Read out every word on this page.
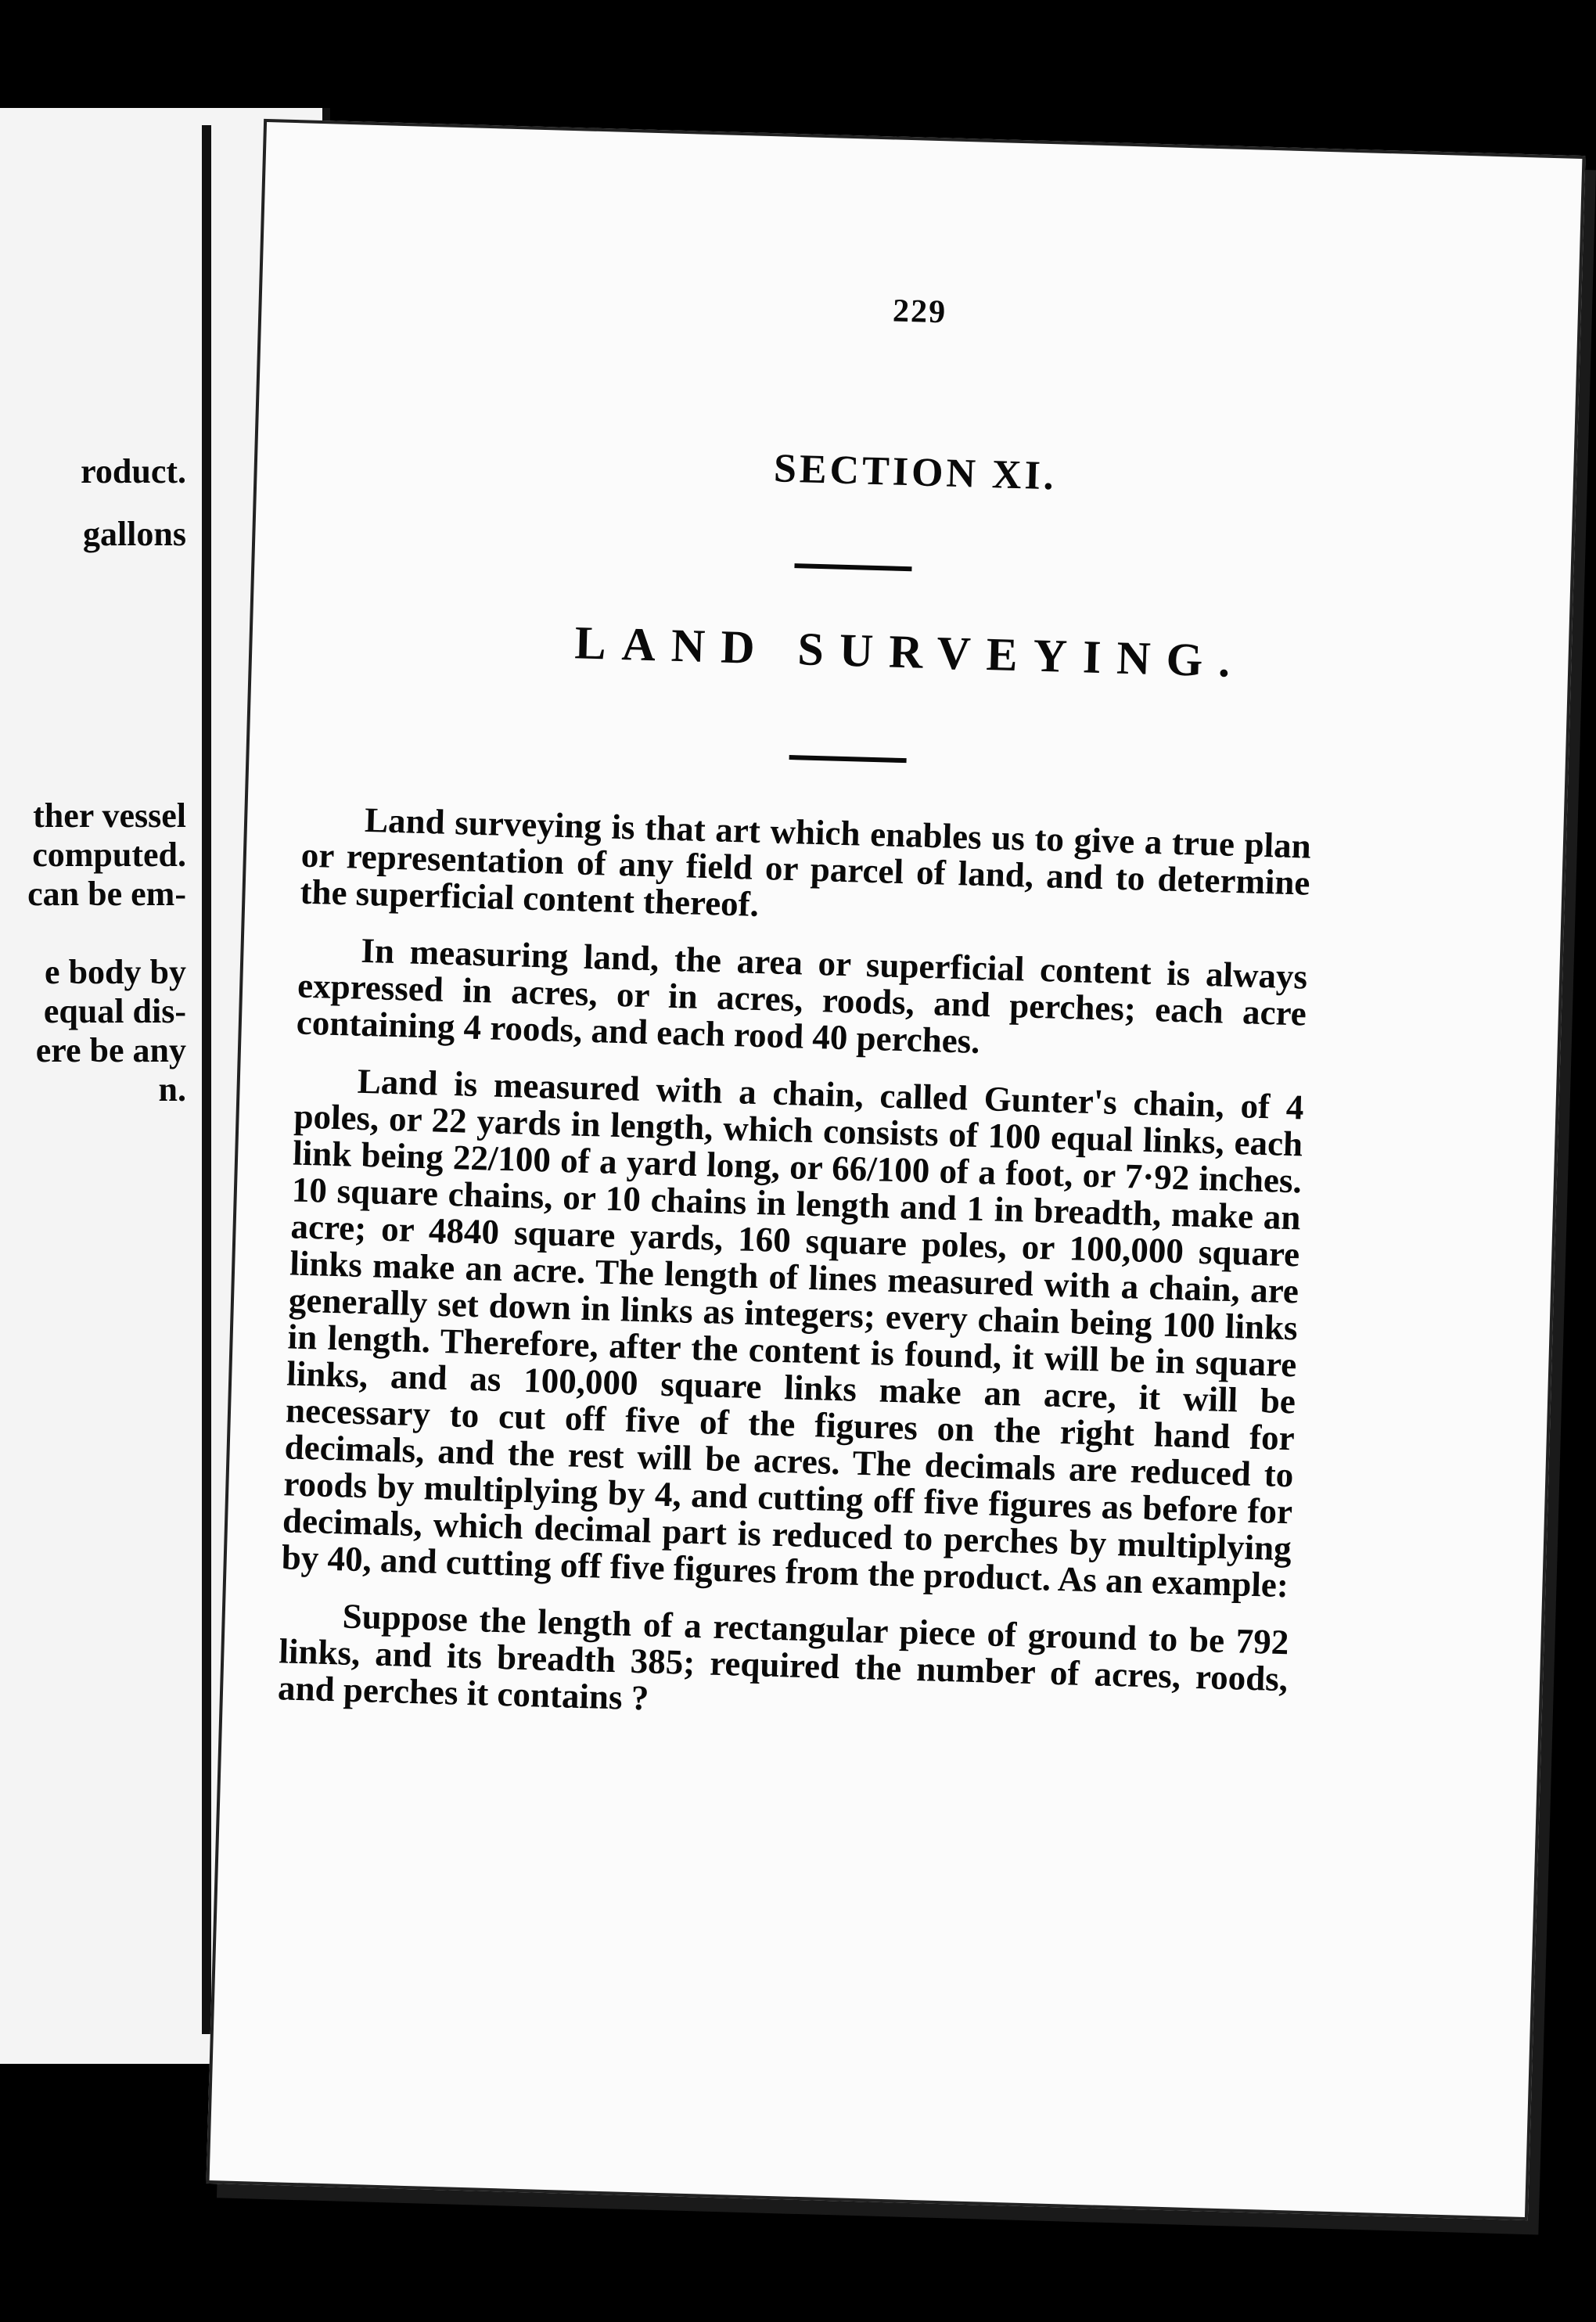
roduct.
gallons
ther vessel
computed.
can be em-
e body by
equal dis-
ere be any
n.
229
SECTION XI.
LAND SURVEYING.

Land surveying is that art which enables us to give a true plan or representation of any field or parcel of land, and to determine the superficial content thereof.

In measuring land, the area or superficial content is always expressed in acres, or in acres, roods, and perches; each acre containing 4 roods, and each rood 40 perches.

Land is measured with a chain, called Gunter's chain, of 4 poles, or 22 yards in length, which consists of 100 equal links, each link being 22/100 of a yard long, or 66/100 of a foot, or 7·92 inches. 10 square chains, or 10 chains in length and 1 in breadth, make an acre; or 4840 square yards, 160 square poles, or 100,000 square links make an acre. The length of lines measured with a chain, are generally set down in links as integers; every chain being 100 links in length. Therefore, after the content is found, it will be in square links, and as 100,000 square links make an acre, it will be necessary to cut off five of the figures on the right hand for decimals, and the rest will be acres. The decimals are reduced to roods by multiplying by 4, and cutting off five figures as before for decimals, which decimal part is reduced to perches by multiplying by 40, and cutting off five figures from the product. As an example:

Suppose the length of a rectangular piece of ground to be 792 links, and its breadth 385; required the number of acres, roods, and perches it contains ?
